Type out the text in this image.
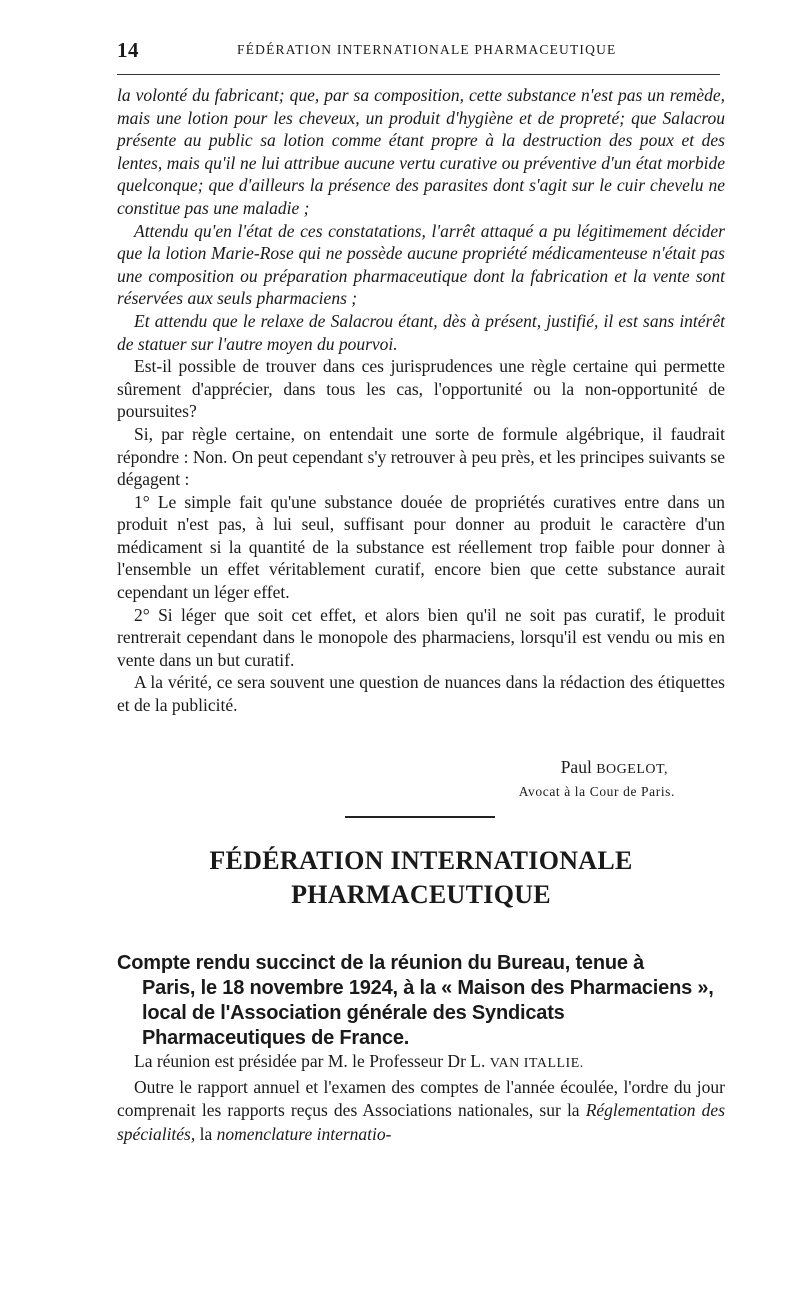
14	FÉDÉRATION INTERNATIONALE PHARMACEUTIQUE

la volonté du fabricant; que, par sa composition, cette substance n'est pas un remède, mais une lotion pour les cheveux, un produit d'hygiène et de propreté; que Salacrou présente au public sa lotion comme étant propre à la destruction des poux et des lentes, mais qu'il ne lui attribue aucune vertu curative ou préventive d'un état morbide quelconque; que d'ailleurs la présence des parasites dont s'agit sur le cuir chevelu ne constitue pas une maladie ;

Attendu qu'en l'état de ces constatations, l'arrêt attaqué a pu légitimement décider que la lotion Marie-Rose qui ne possède aucune propriété médicamenteuse n'était pas une composition ou préparation pharmaceutique dont la fabrication et la vente sont réservées aux seuls pharmaciens ;

Et attendu que le relaxe de Salacrou étant, dès à présent, justifié, il est sans intérêt de statuer sur l'autre moyen du pourvoi.

Est-il possible de trouver dans ces jurisprudences une règle certaine qui permette sûrement d'apprécier, dans tous les cas, l'opportunité ou la non-opportunité de poursuites?

Si, par règle certaine, on entendait une sorte de formule algébrique, il faudrait répondre : Non. On peut cependant s'y retrouver à peu près, et les principes suivants se dégagent :

1° Le simple fait qu'une substance douée de propriétés curatives entre dans un produit n'est pas, à lui seul, suffisant pour donner au produit le caractère d'un médicament si la quantité de la substance est réellement trop faible pour donner à l'ensemble un effet véritablement curatif, encore bien que cette substance aurait cependant un léger effet.

2° Si léger que soit cet effet, et alors bien qu'il ne soit pas curatif, le produit rentrerait cependant dans le monopole des pharmaciens, lorsqu'il est vendu ou mis en vente dans un but curatif.

A la vérité, ce sera souvent une question de nuances dans la rédaction des étiquettes et de la publicité.

Paul BOGELOT,
Avocat à la Cour de Paris.
FÉDÉRATION INTERNATIONALE
PHARMACEUTIQUE
Compte rendu succinct de la réunion du Bureau, tenue à
Paris, le 18 novembre 1924, à la « Maison des Pharmaciens », local de l'Association générale des Syndicats Pharmaceutiques de France.

La réunion est présidée par M. le Professeur Dr L. VAN ITALLIE.

Outre le rapport annuel et l'examen des comptes de l'année écoulée, l'ordre du jour comprenait les rapports reçus des Associations nationales, sur la Réglementation des spécialités, la nomenclature internatio-
